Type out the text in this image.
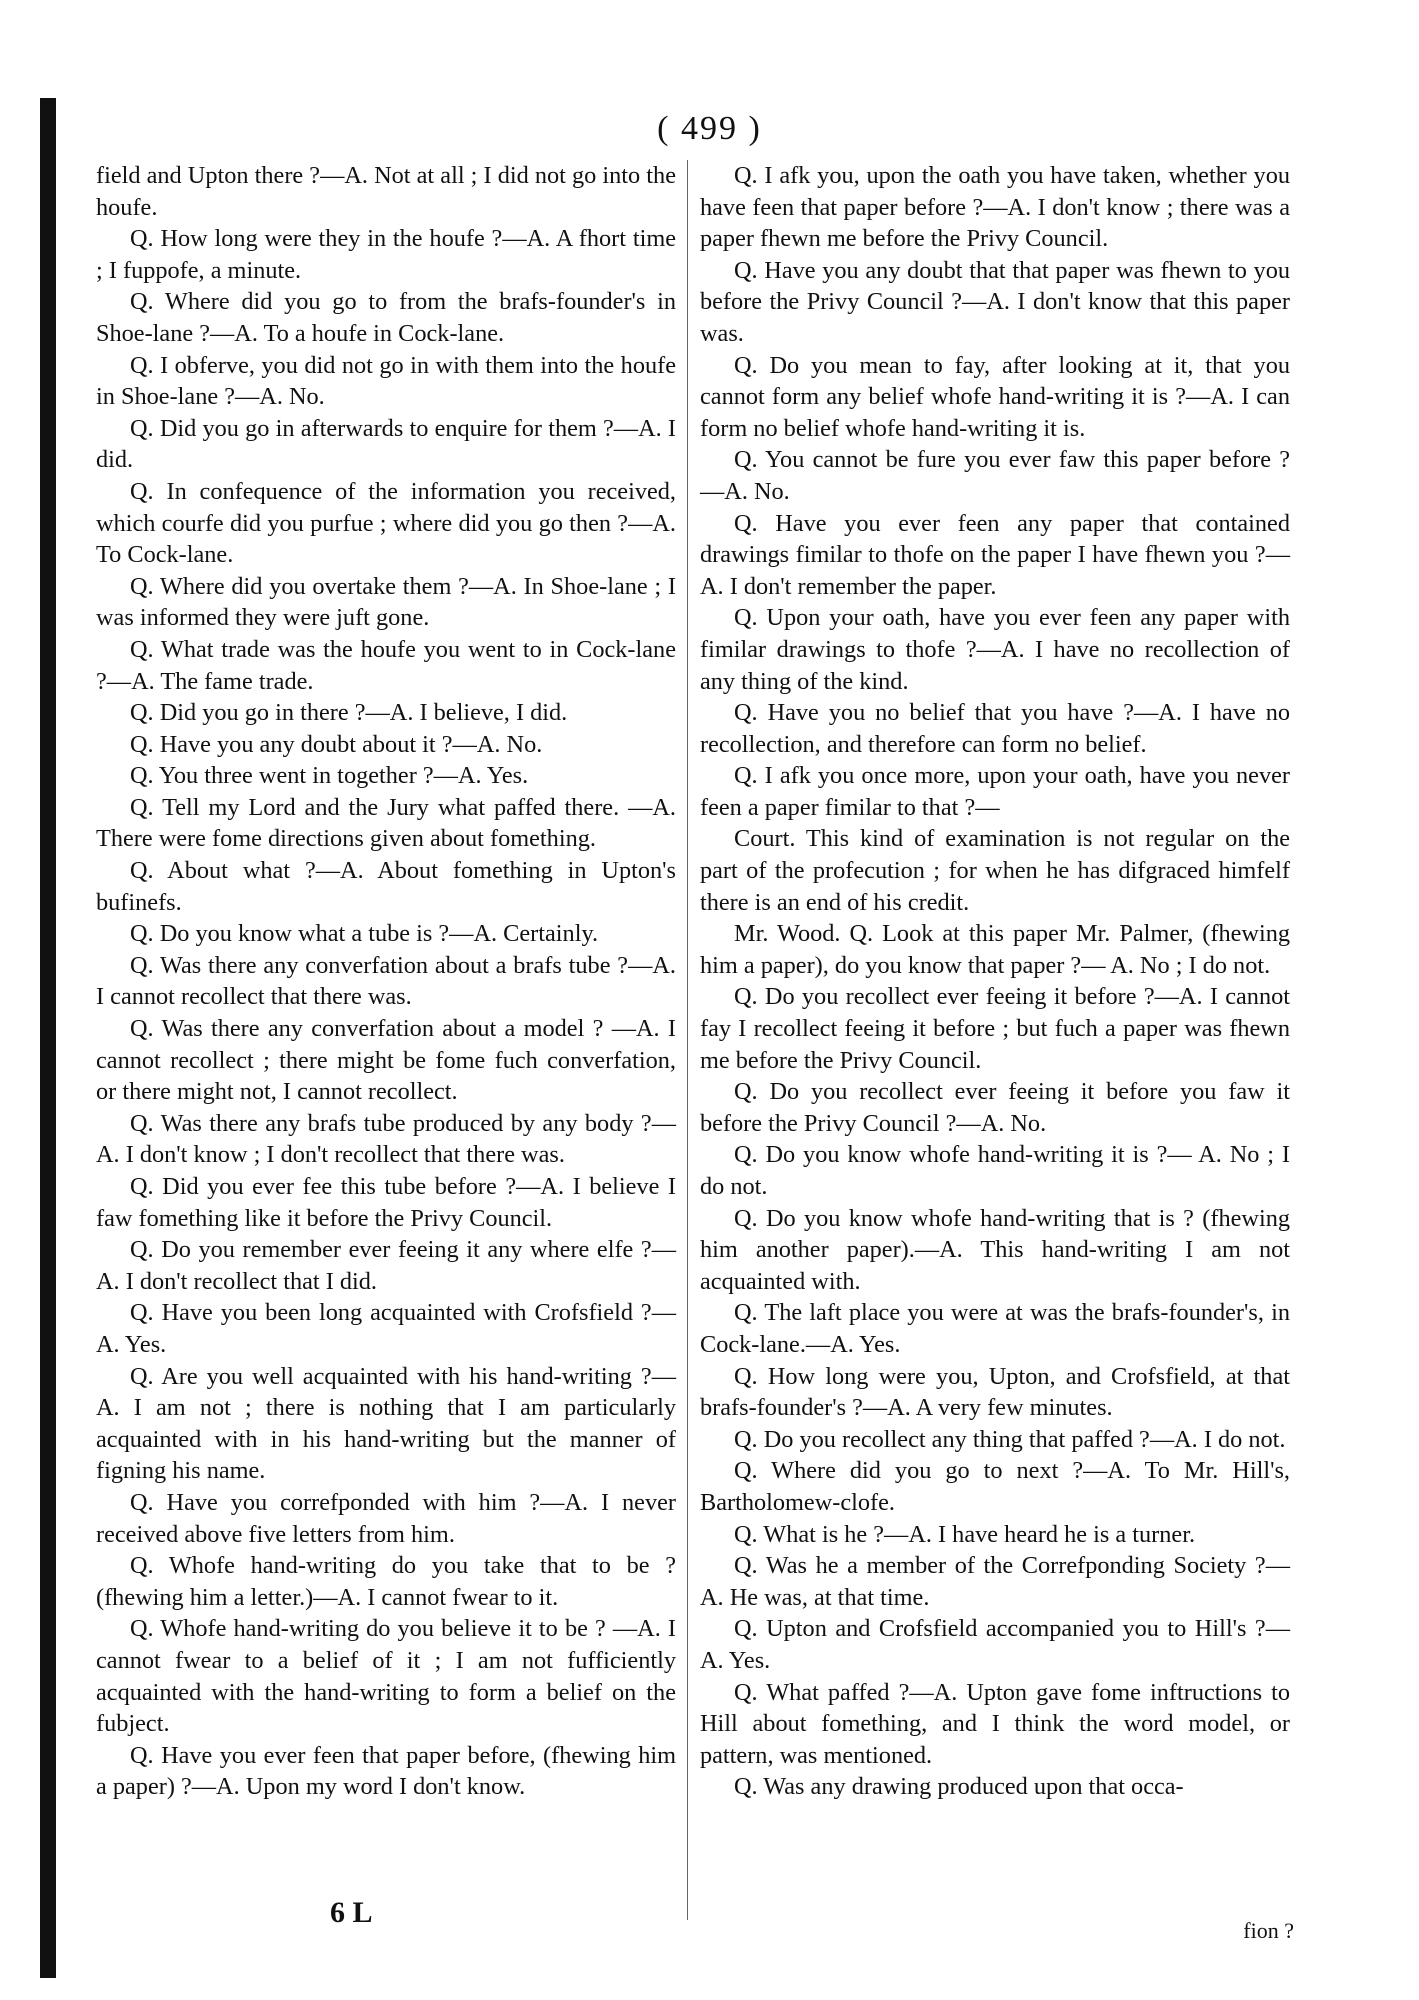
( 499 )

field and Upton there ?—A. Not at all ; I did not go into the houfe.

Q. How long were they in the houfe ?—A. A fhort time ; I fuppofe, a minute.

Q. Where did you go to from the brafs-founder's in Shoe-lane ?—A. To a houfe in Cock-lane.

Q. I obferve, you did not go in with them into the houfe in Shoe-lane ?—A. No.

Q. Did you go in afterwards to enquire for them ?—A. I did.

Q. In confequence of the information you received, which courfe did you purfue ; where did you go then ?—A. To Cock-lane.

Q. Where did you overtake them ?—A. In Shoe-lane ; I was informed they were juft gone.

Q. What trade was the houfe you went to in Cock-lane ?—A. The fame trade.

Q. Did you go in there ?—A. I believe, I did.

Q. Have you any doubt about it ?—A. No.

Q. You three went in together ?—A. Yes.

Q. Tell my Lord and the Jury what paffed there. —A. There were fome directions given about fomething.

Q. About what ?—A. About fomething in Upton's bufinefs.

Q. Do you know what a tube is ?—A. Certainly.

Q. Was there any converfation about a brafs tube ?—A. I cannot recollect that there was.

Q. Was there any converfation about a model ? —A. I cannot recollect ; there might be fome fuch converfation, or there might not, I cannot recollect.

Q. Was there any brafs tube produced by any body ?—A. I don't know ; I don't recollect that there was.

Q. Did you ever fee this tube before ?—A. I believe I faw fomething like it before the Privy Council.

Q. Do you remember ever feeing it any where elfe ?—A. I don't recollect that I did.

Q. Have you been long acquainted with Crofsfield ?—A. Yes.

Q. Are you well acquainted with his hand-writing ?—A. I am not ; there is nothing that I am particularly acquainted with in his hand-writing but the manner of figning his name.

Q. Have you correfponded with him ?—A. I never received above five letters from him.

Q. Whofe hand-writing do you take that to be ? (fhewing him a letter.)—A. I cannot fwear to it.

Q. Whofe hand-writing do you believe it to be ? —A. I cannot fwear to a belief of it ; I am not fufficiently acquainted with the hand-writing to form a belief on the fubject.

Q. Have you ever feen that paper before, (fhewing him a paper) ?—A. Upon my word I don't know.

Q. I afk you, upon the oath you have taken, whether you have feen that paper before ?—A. I don't know ; there was a paper fhewn me before the Privy Council.

Q. Have you any doubt that that paper was fhewn to you before the Privy Council ?—A. I don't know that this paper was.

Q. Do you mean to fay, after looking at it, that you cannot form any belief whofe hand-writing it is ?—A. I can form no belief whofe hand-writing it is.

Q. You cannot be fure you ever faw this paper before ?—A. No.

Q. Have you ever feen any paper that contained drawings fimilar to thofe on the paper I have fhewn you ?—A. I don't remember the paper.

Q. Upon your oath, have you ever feen any paper with fimilar drawings to thofe ?—A. I have no recollection of any thing of the kind.

Q. Have you no belief that you have ?—A. I have no recollection, and therefore can form no belief.

Q. I afk you once more, upon your oath, have you never feen a paper fimilar to that ?—

Court. This kind of examination is not regular on the part of the profecution ; for when he has difgraced himfelf there is an end of his credit.

Mr. Wood. Q. Look at this paper Mr. Palmer, (fhewing him a paper), do you know that paper ?— A. No ; I do not.

Q. Do you recollect ever feeing it before ?—A. I cannot fay I recollect feeing it before ; but fuch a paper was fhewn me before the Privy Council.

Q. Do you recollect ever feeing it before you faw it before the Privy Council ?—A. No.

Q. Do you know whofe hand-writing it is ?— A. No ; I do not.

Q. Do you know whofe hand-writing that is ? (fhewing him another paper).—A. This hand-writing I am not acquainted with.

Q. The laft place you were at was the brafs-founder's, in Cock-lane.—A. Yes.

Q. How long were you, Upton, and Crofsfield, at that brafs-founder's ?—A. A very few minutes.

Q. Do you recollect any thing that paffed ?—A. I do not.

Q. Where did you go to next ?—A. To Mr. Hill's, Bartholomew-clofe.

Q. What is he ?—A. I have heard he is a turner.

Q. Was he a member of the Correfponding Society ?—A. He was, at that time.

Q. Upton and Crofsfield accompanied you to Hill's ?—A. Yes.

Q. What paffed ?—A. Upton gave fome inftructions to Hill about fomething, and I think the word model, or pattern, was mentioned.

Q. Was any drawing produced upon that occa-

6 L
fion ?
